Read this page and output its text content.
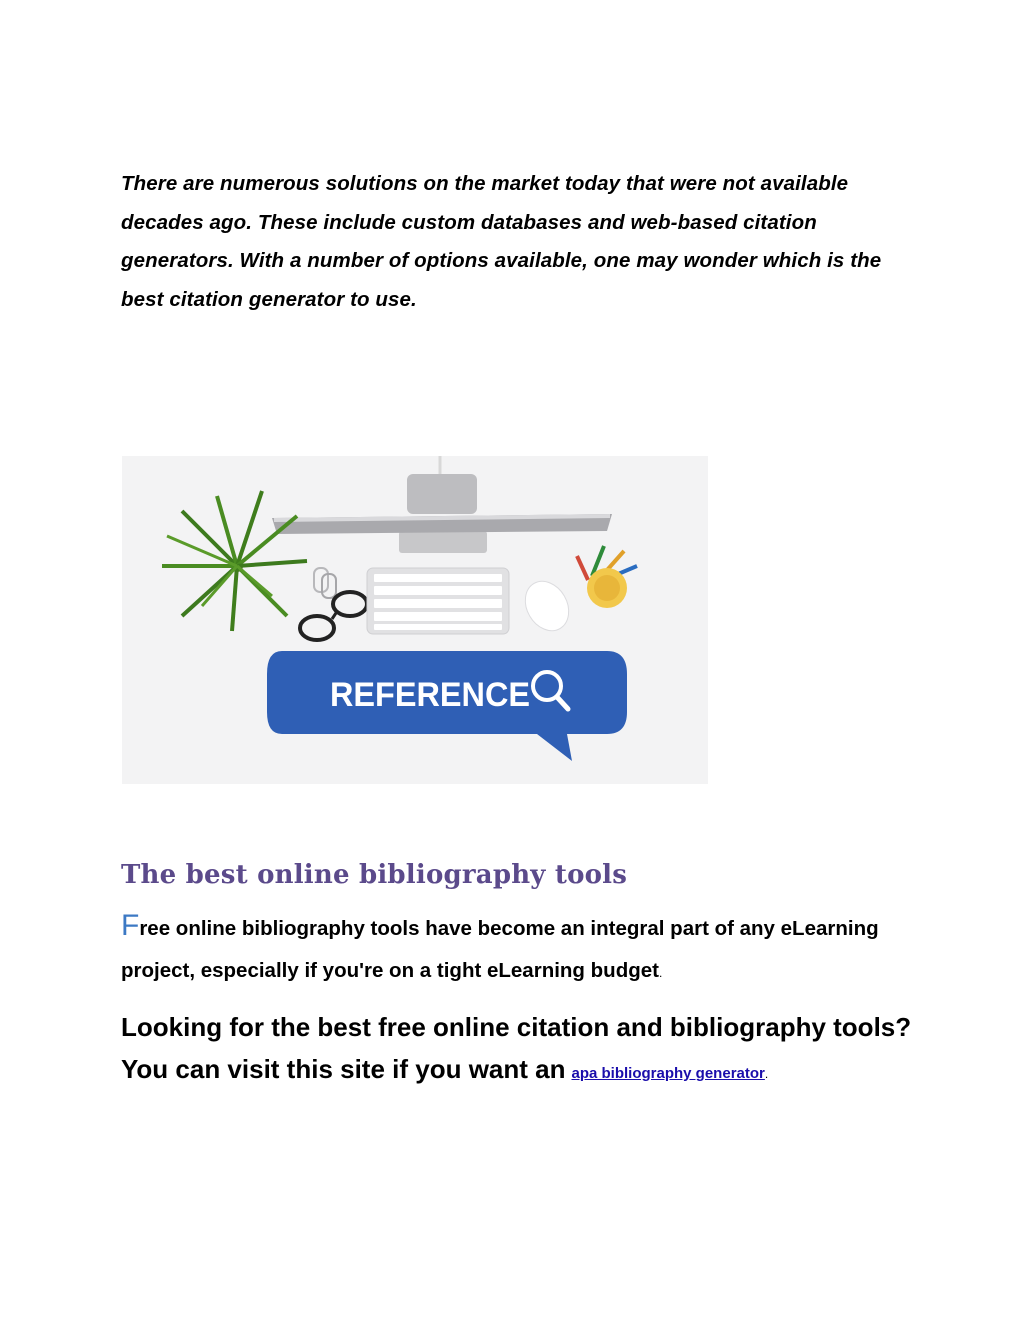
There are numerous solutions on the market today that were not available decades ago. These include custom databases and web-based citation generators. With a number of options available, one may wonder which is the best citation generator to use.

REFERENCE
The best online bibliography tools

Free online bibliography tools have become an integral part of any eLearning project, especially if you're on a tight eLearning budget.

Looking for the best free online citation and bibliography tools? You can visit this site if you want an apa bibliography generator.
